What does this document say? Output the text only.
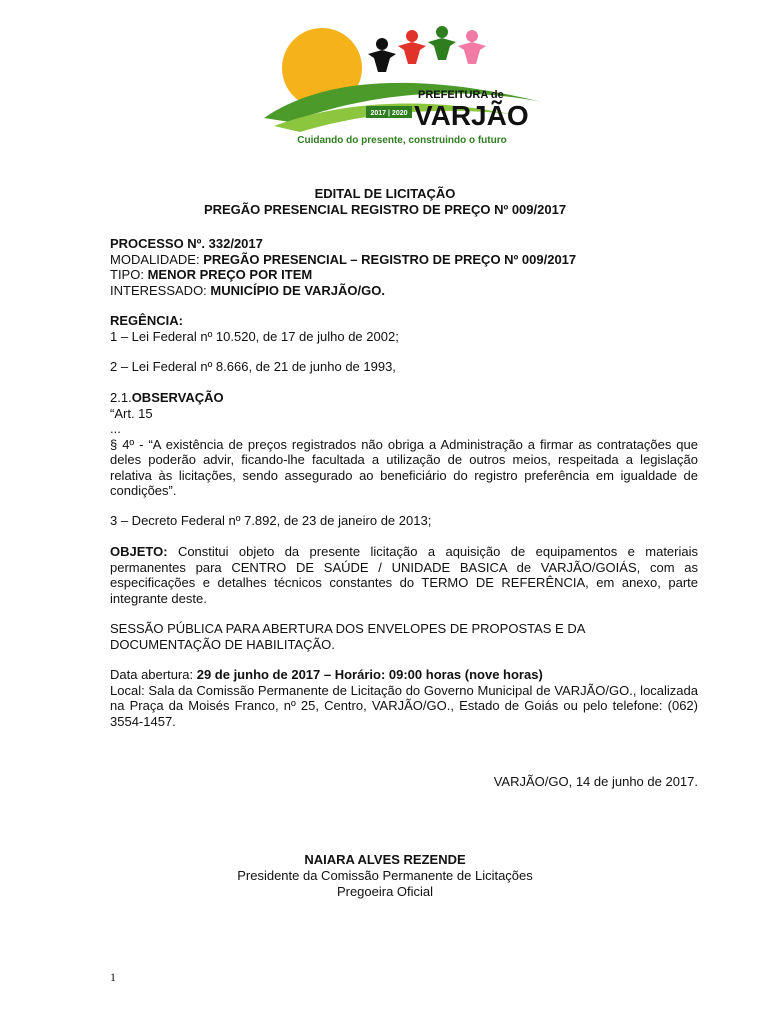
2017 | 2020
PREFEITURA de
VARJÃO
Cuidando do presente, construindo o futuro
EDITAL DE LICITAÇÃO
PREGÃO PRESENCIAL REGISTRO DE PREÇO Nº 009/2017
PROCESSO Nº. 332/2017
MODALIDADE: PREGÃO PRESENCIAL – REGISTRO DE PREÇO Nº 009/2017
TIPO: MENOR PREÇO POR ITEM
INTERESSADO: MUNICÍPIO DE VARJÃO/GO.
REGÊNCIA:
1 – Lei Federal nº 10.520, de 17 de julho de 2002;
2 – Lei Federal nº 8.666, de 21 de junho de 1993,
2.1.OBSERVAÇÃO
“Art. 15
...
§ 4º - “A existência de preços registrados não obriga a Administração a firmar as contratações que deles poderão advir, ficando-lhe facultada a utilização de outros meios, respeitada a legislação relativa às licitações, sendo assegurado ao beneficiário do registro preferência em igualdade de condições”.
3 – Decreto Federal nº 7.892, de 23 de janeiro de 2013;
OBJETO: Constitui objeto da presente licitação a aquisição de equipamentos e materiais permanentes para CENTRO DE SAÚDE / UNIDADE BASICA de VARJÃO/GOIÁS, com as especificações e detalhes técnicos constantes do TERMO DE REFERÊNCIA, em anexo, parte integrante deste.
SESSÃO PÚBLICA PARA ABERTURA DOS ENVELOPES DE PROPOSTAS E DA DOCUMENTAÇÃO DE HABILITAÇÃO.
Data abertura: 29 de junho de 2017 – Horário: 09:00 horas (nove horas)
Local: Sala da Comissão Permanente de Licitação do Governo Municipal de VARJÃO/GO., localizada na Praça da Moisés Franco, nº 25, Centro, VARJÃO/GO., Estado de Goiás ou pelo telefone: (062) 3554-1457.
VARJÃO/GO, 14 de junho de 2017.
NAIARA ALVES REZENDE
Presidente da Comissão Permanente de Licitações
Pregoeira Oficial
1
